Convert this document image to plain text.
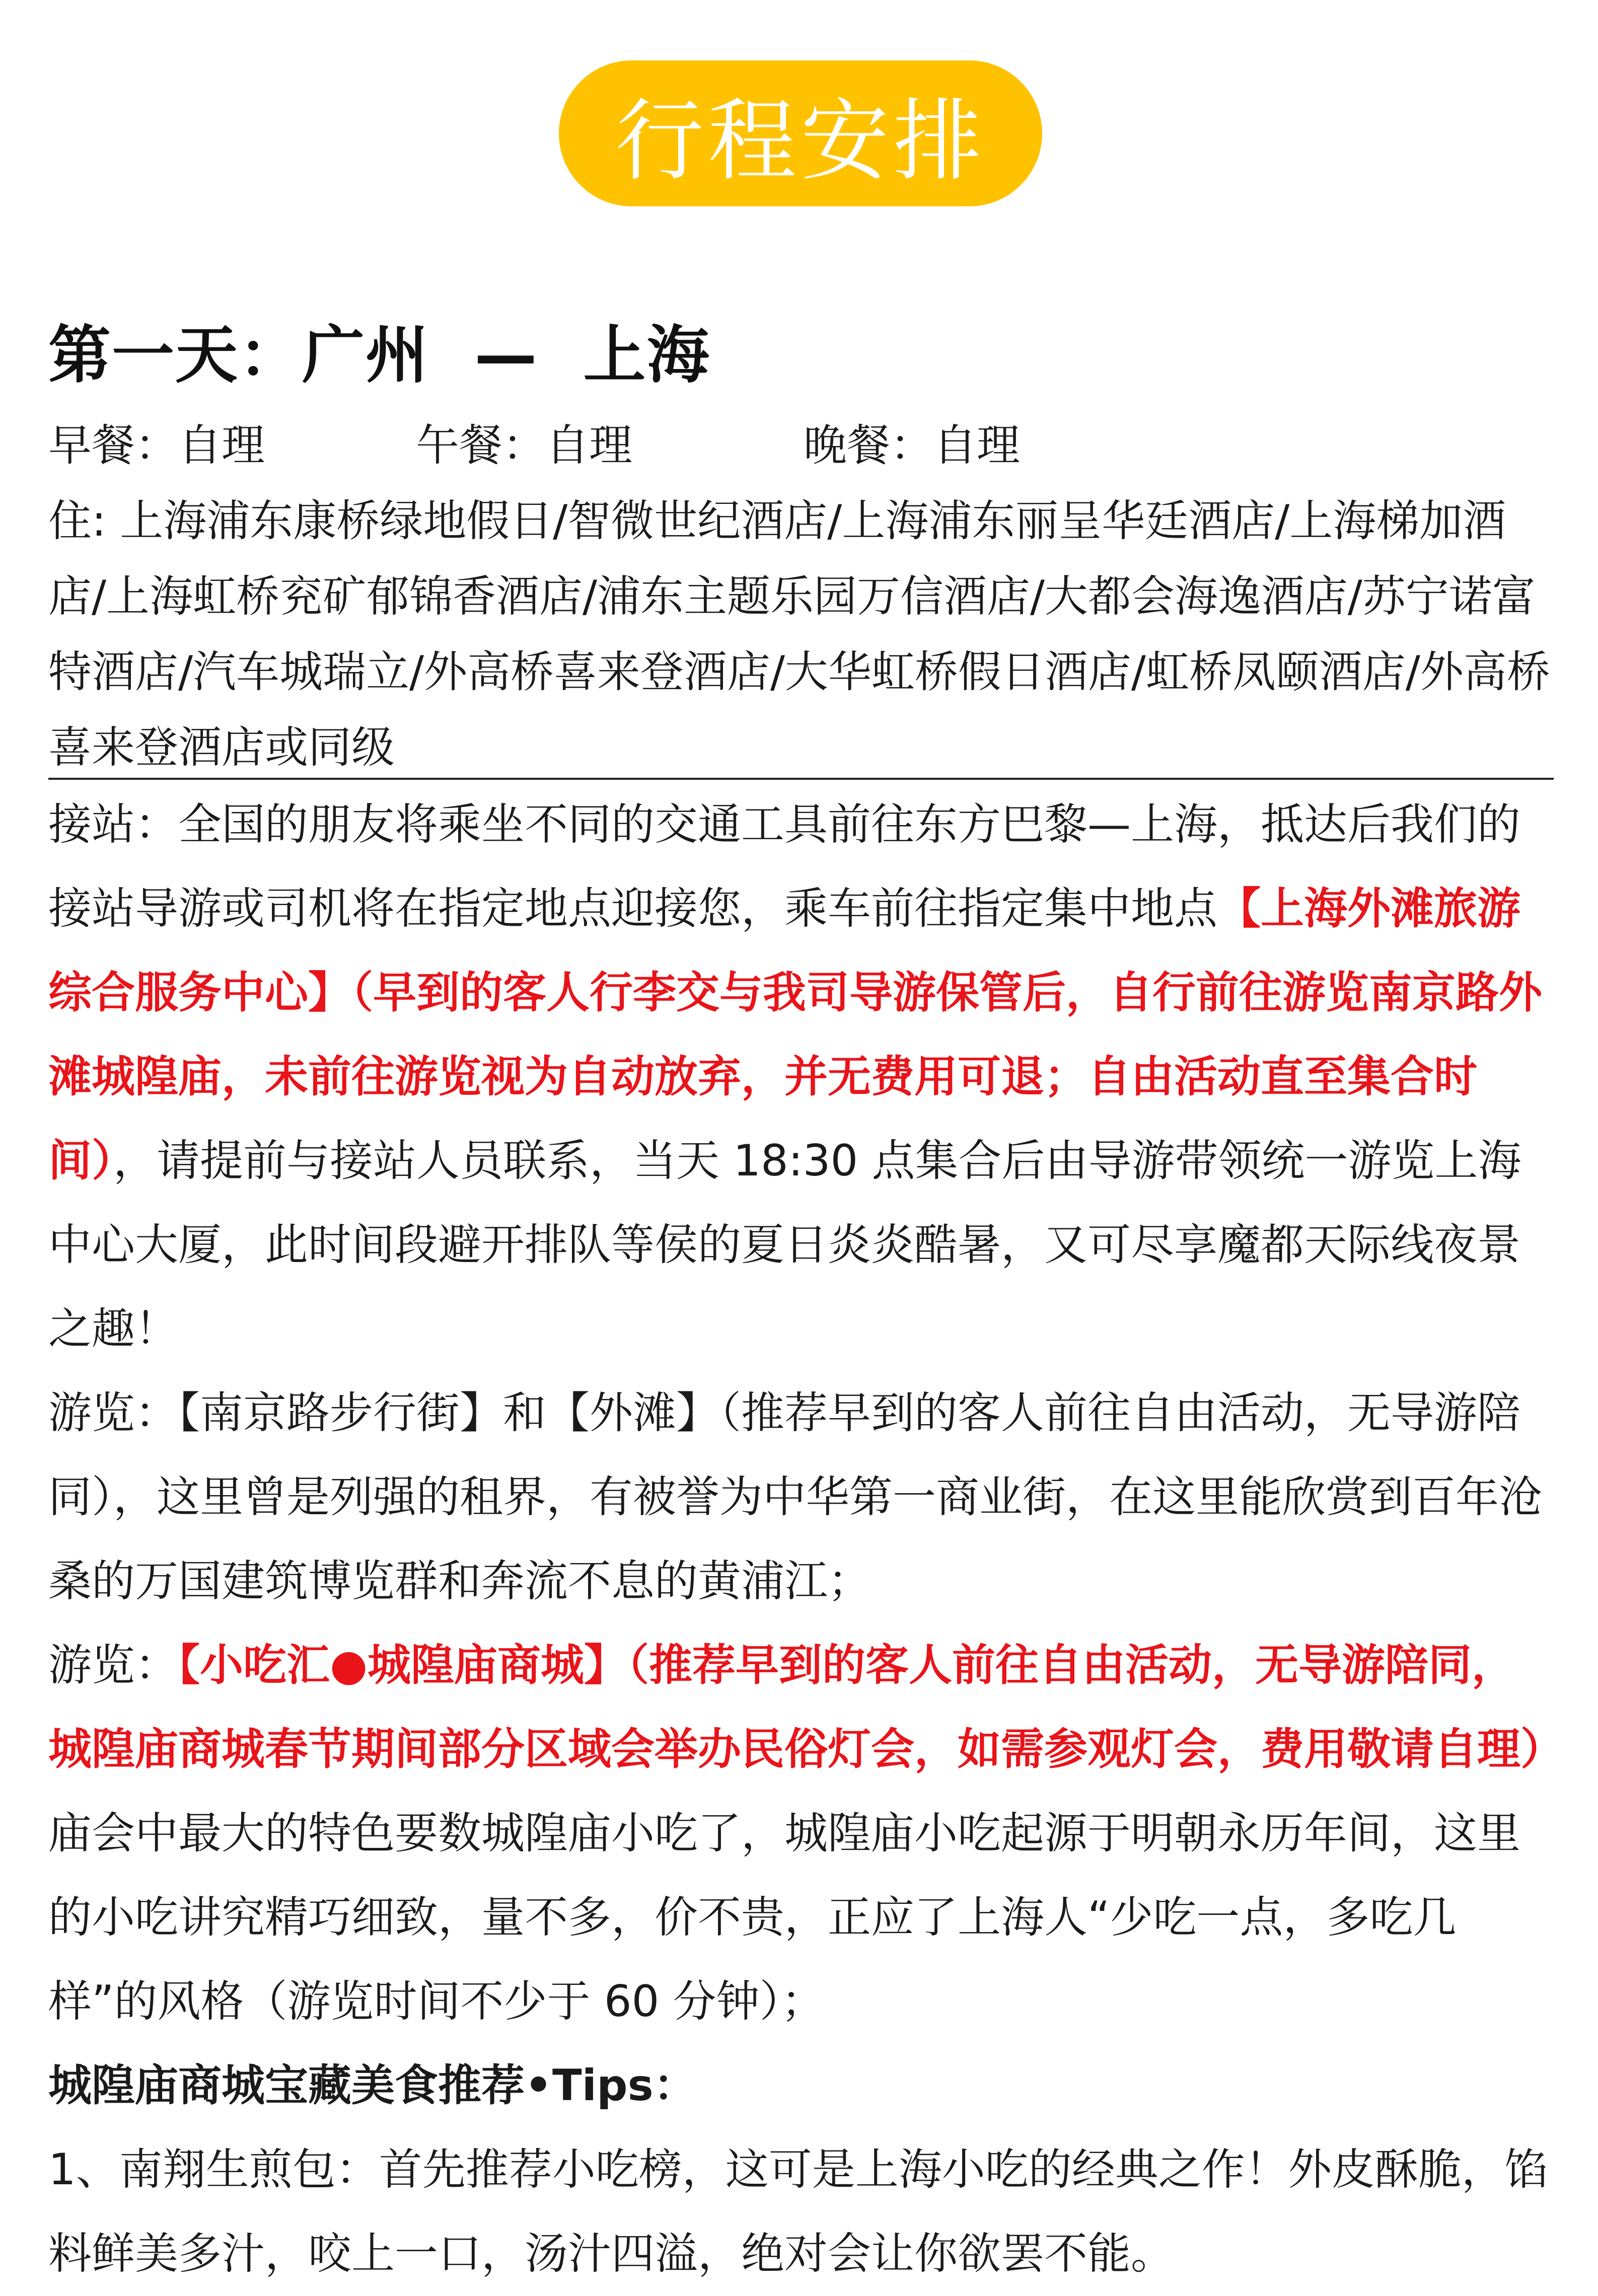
行程安排
第一天：广州  —  上海
早餐：自理	午餐：自理	晚餐：自理
住: 上海浦东康桥绿地假日/智微世纪酒店/上海浦东丽呈华廷酒店/上海梯加酒店/上海虹桥兖矿郁锦香酒店/浦东主题乐园万信酒店/大都会海逸酒店/苏宁诺富特酒店/汽车城瑞立/外高桥喜来登酒店/大华虹桥假日酒店/虹桥凤颐酒店/外高桥喜来登酒店或同级

接站：全国的朋友将乘坐不同的交通工具前往东方巴黎—上海，抵达后我们的接站导游或司机将在指定地点迎接您，乘车前往指定集中地点【上海外滩旅游综合服务中心】（早到的客人行李交与我司导游保管后，自行前往游览南京路外滩城隍庙，未前往游览视为自动放弃，并无费用可退；自由活动直至集合时间），请提前与接站人员联系，当天 18:30 点集合后由导游带领统一游览上海中心大厦，此时间段避开排队等侯的夏日炎炎酷暑，又可尽享魔都天际线夜景之趣！

游览：【南京路步行街】和【外滩】（推荐早到的客人前往自由活动，无导游陪同），这里曾是列强的租界，有被誉为中华第一商业街，在这里能欣赏到百年沧桑的万国建筑博览群和奔流不息的黄浦江；

游览：【小吃汇●城隍庙商城】（推荐早到的客人前往自由活动，无导游陪同，城隍庙商城春节期间部分区域会举办民俗灯会，如需参观灯会，费用敬请自理）

庙会中最大的特色要数城隍庙小吃了，城隍庙小吃起源于明朝永历年间，这里的小吃讲究精巧细致，量不多，价不贵，正应了上海人“少吃一点，多吃几样”的风格（游览时间不少于 60 分钟）；

城隍庙商城宝藏美食推荐•Tips：

1、南翔生煎包：首先推荐小吃榜，这可是上海小吃的经典之作！外皮酥脆，馅料鲜美多汁，咬上一口，汤汁四溢，绝对会让你欲罢不能。
